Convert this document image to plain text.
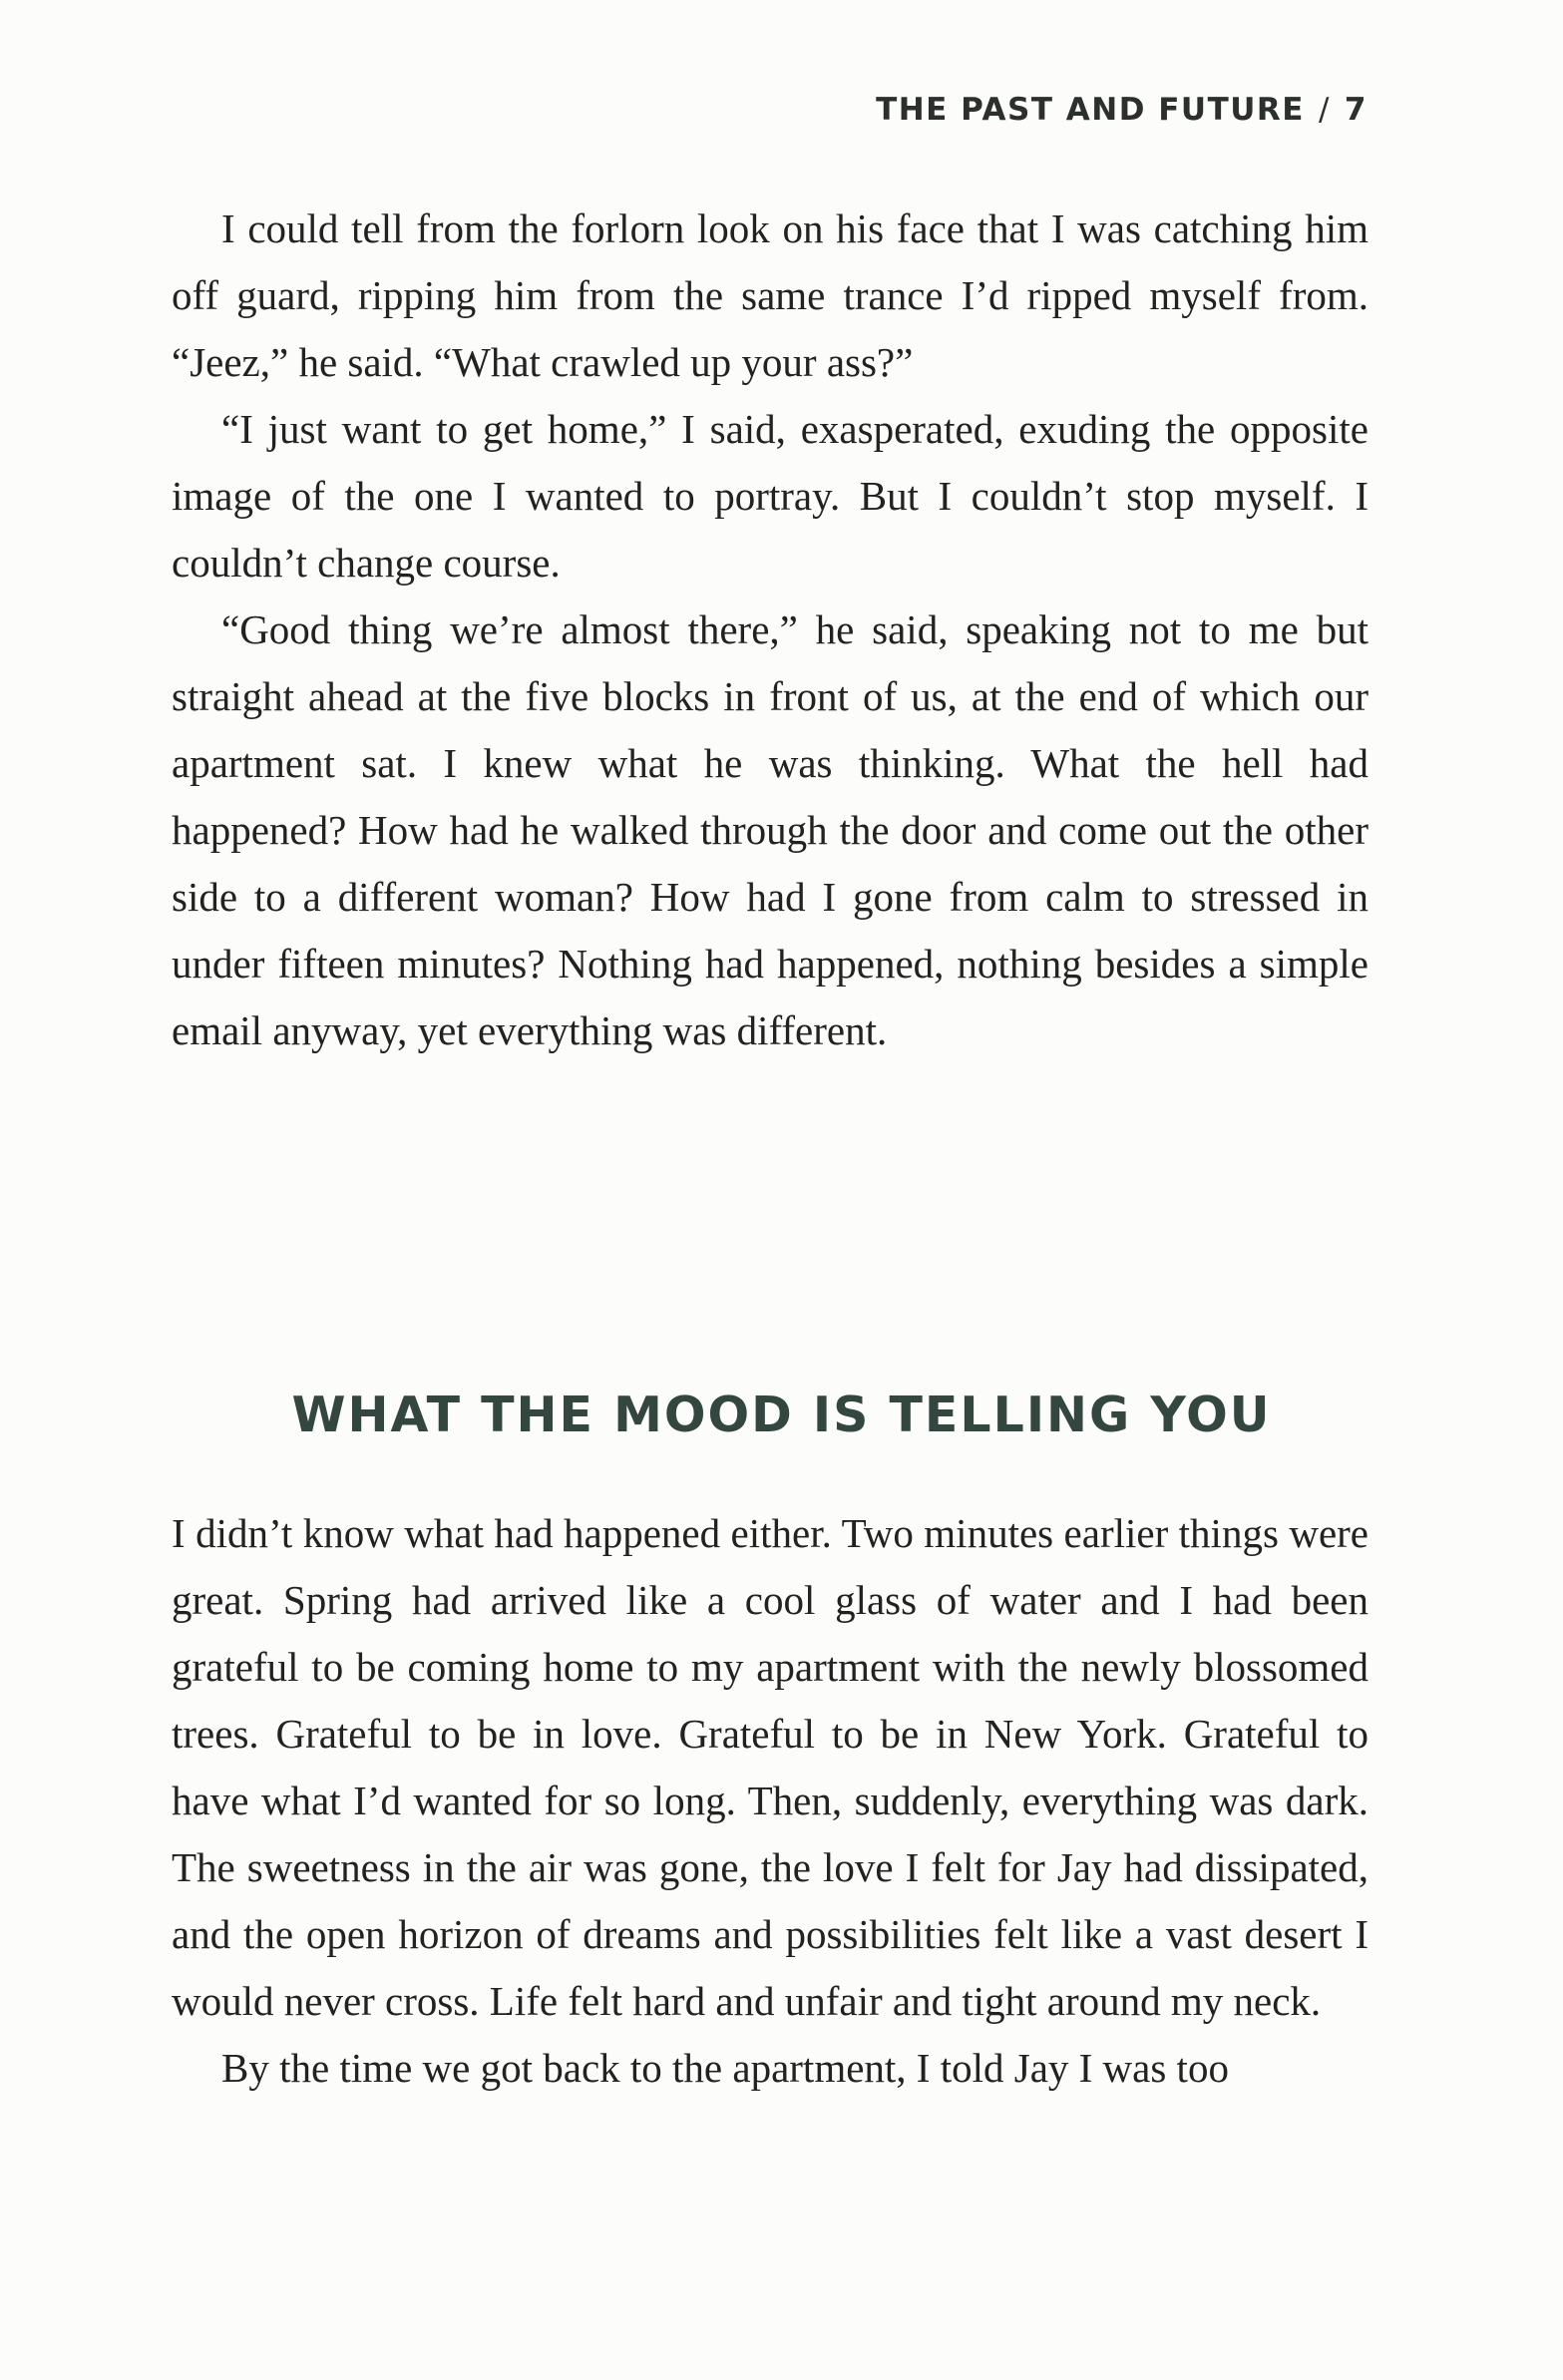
THE PAST AND FUTURE / 7

I could tell from the forlorn look on his face that I was catching him off guard, ripping him from the same trance I’d ripped myself from. “Jeez,” he said. “What crawled up your ass?”

“I just want to get home,” I said, exasperated, exuding the opposite image of the one I wanted to portray. But I couldn’t stop myself. I couldn’t change course.

“Good thing we’re almost there,” he said, speaking not to me but straight ahead at the five blocks in front of us, at the end of which our apartment sat. I knew what he was thinking. What the hell had happened? How had he walked through the door and come out the other side to a different woman? How had I gone from calm to stressed in under fifteen minutes? Nothing had happened, nothing besides a simple email anyway, yet everything was different.

WHAT THE MOOD IS TELLING YOU

I didn’t know what had happened either. Two minutes earlier things were great. Spring had arrived like a cool glass of water and I had been grateful to be coming home to my apartment with the newly blossomed trees. Grateful to be in love. Grateful to be in New York. Grateful to have what I’d wanted for so long. Then, suddenly, everything was dark. The sweetness in the air was gone, the love I felt for Jay had dissipated, and the open horizon of dreams and possibilities felt like a vast desert I would never cross. Life felt hard and unfair and tight around my neck.

By the time we got back to the apartment, I told Jay I was too
